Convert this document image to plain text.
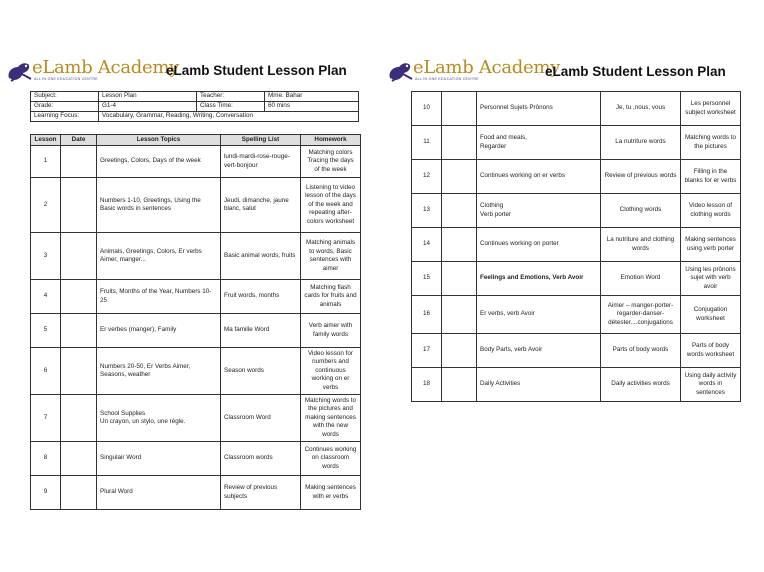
eLamb Academy
ALL IN ONE EDUCATION CENTRE
eLamb Student Lesson Plan
Subject:	Lesson Plan	Teacher:	Mme. Bahar
Grade:	G1-4	Class Time:	60 mins
Learning Focus:	Vocabulary, Grammar, Reading, Writing, Conversation		
Lesson	Date	Lesson Topics	Spelling List	Homework
1		Greetings, Colors, Days of the week	lundi-mardi-rose-rouge-vert-bonjour	Matching colors Tracing the days of the week
2		Numbers 1-10, Greetings, Using the Basic words in sentences	Jeudi, dimanche, jaune blanc, salut	Listening to video lesson of the days of the week and repeating after-colors worksheet
3		Animals, Greetings, Colors, Er verbs Aimer, manger...	Basic animal words, fruits	Matching animals to words, Basic sentences with aimer
4		Fruits, Months of the Year, Numbers 10-25	Fruit words, months	Matching flash cards for fruits and animals
5		Er verbes (manger), Family	Ma famille Word	Verb aimer with family words
6		Numbers 20-50, Er Verbs Aimer, Seasons, weather	Season words	Video lesson for numbers and continuous working on er verbs
7		School Supplies
Un crayon, un stylo, une règle.	Classroom Word	Matching words to the pictures and making sentences with the new words
8		Singulair Word	Classroom words	Continues working on classroom words
9		Plural Word	Review of previous subjects	Making sentences with er verbs
eLamb Academy
ALL IN ONE EDUCATION CENTRE	eLamb Student Lesson Plan
10		Personnel Sujets Prônons	Je, tu ,nous, vous	Les personnel subject worksheet
11		Food and meals,
Regarder	La nutriture words	Matching words to the pictures
12		Continues working on er verbs	Review of previous words	Filling in the blanks for er verbs
13		Clothing
Verb porter	Clothing words	Video lesson of clothing words
14		Continues working on porter	La nutriture and clothing words	Making sentences using verb porter
15		Feelings and Emotions, Verb Avoir	Emotion Word	Using les prônons sujet with verb avoir
16		Er verbs, verb Avoir	Aimer – manger-porter-regarder-danser-détester....conjugations	Conjugation worksheet
17		Body Parts, verb Avoir	Parts of body words	Parts of body words worksheet
18		Daily Activities	Daily activities words	Using daily activity words in sentences
